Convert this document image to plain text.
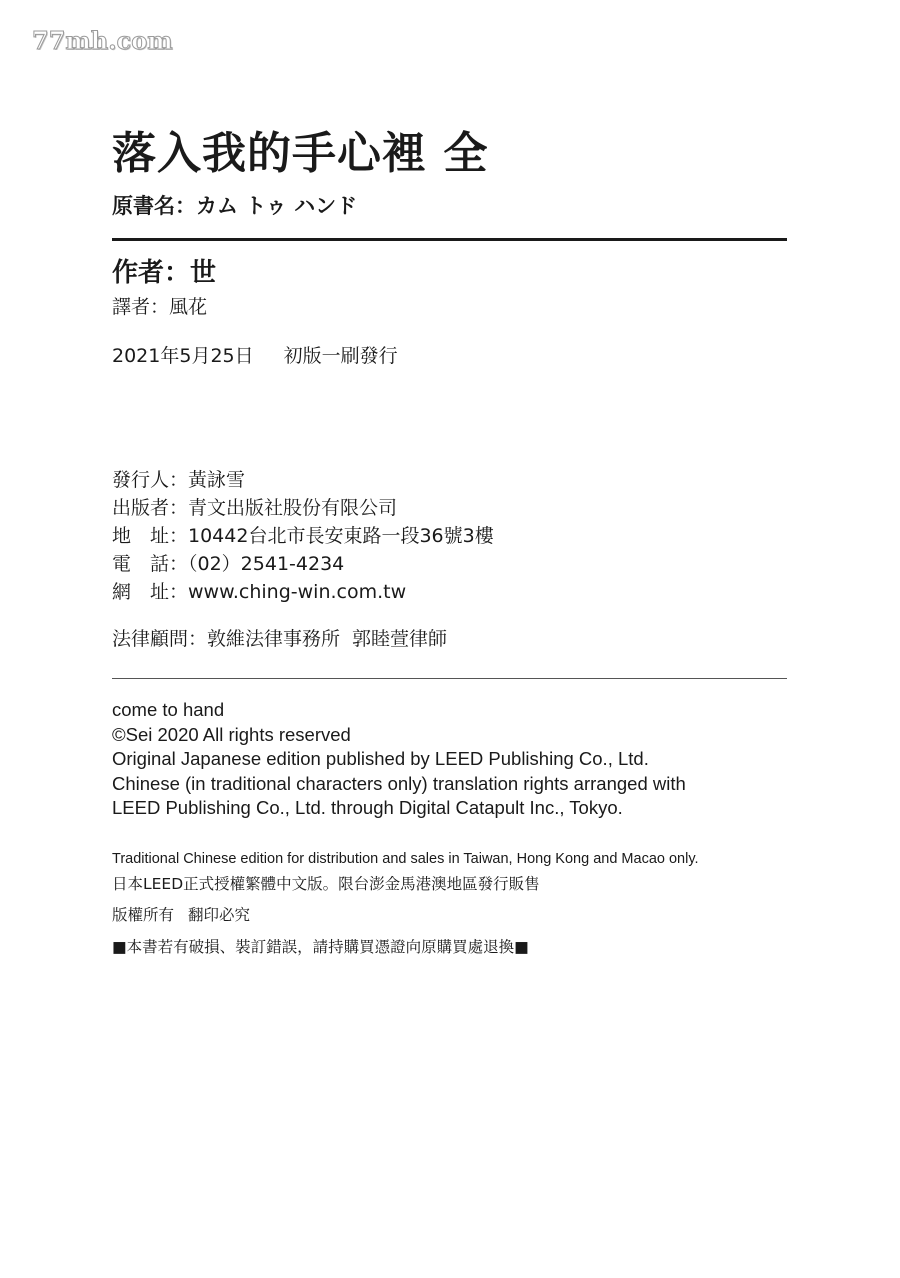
77mh.com
落入我的手心裡 全
原書名：カム トゥ ハンド
作者：世
譯者：風花
2021年5月25日 初版一刷發行
發行人：黃詠雪
出版者：青文出版社股份有限公司
地　址：10442台北市長安東路一段36號3樓
電　話：（02）2541-4234
網　址：www.ching-win.com.tw
法律顧問：敦維法律事務所 郭睦萱律師
come to hand
©Sei 2020 All rights reserved
Original Japanese edition published by LEED Publishing Co., Ltd.
Chinese (in traditional characters only) translation rights arranged with
LEED Publishing Co., Ltd. through Digital Catapult Inc., Tokyo.
Traditional Chinese edition for distribution and sales in Taiwan, Hong Kong and Macao only.
日本LEED正式授權繁體中文版。限台澎金馬港澳地區發行販售
版權所有 翻印必究
■本書若有破損、裝訂錯誤，請持購買憑證向原購買處退換■
